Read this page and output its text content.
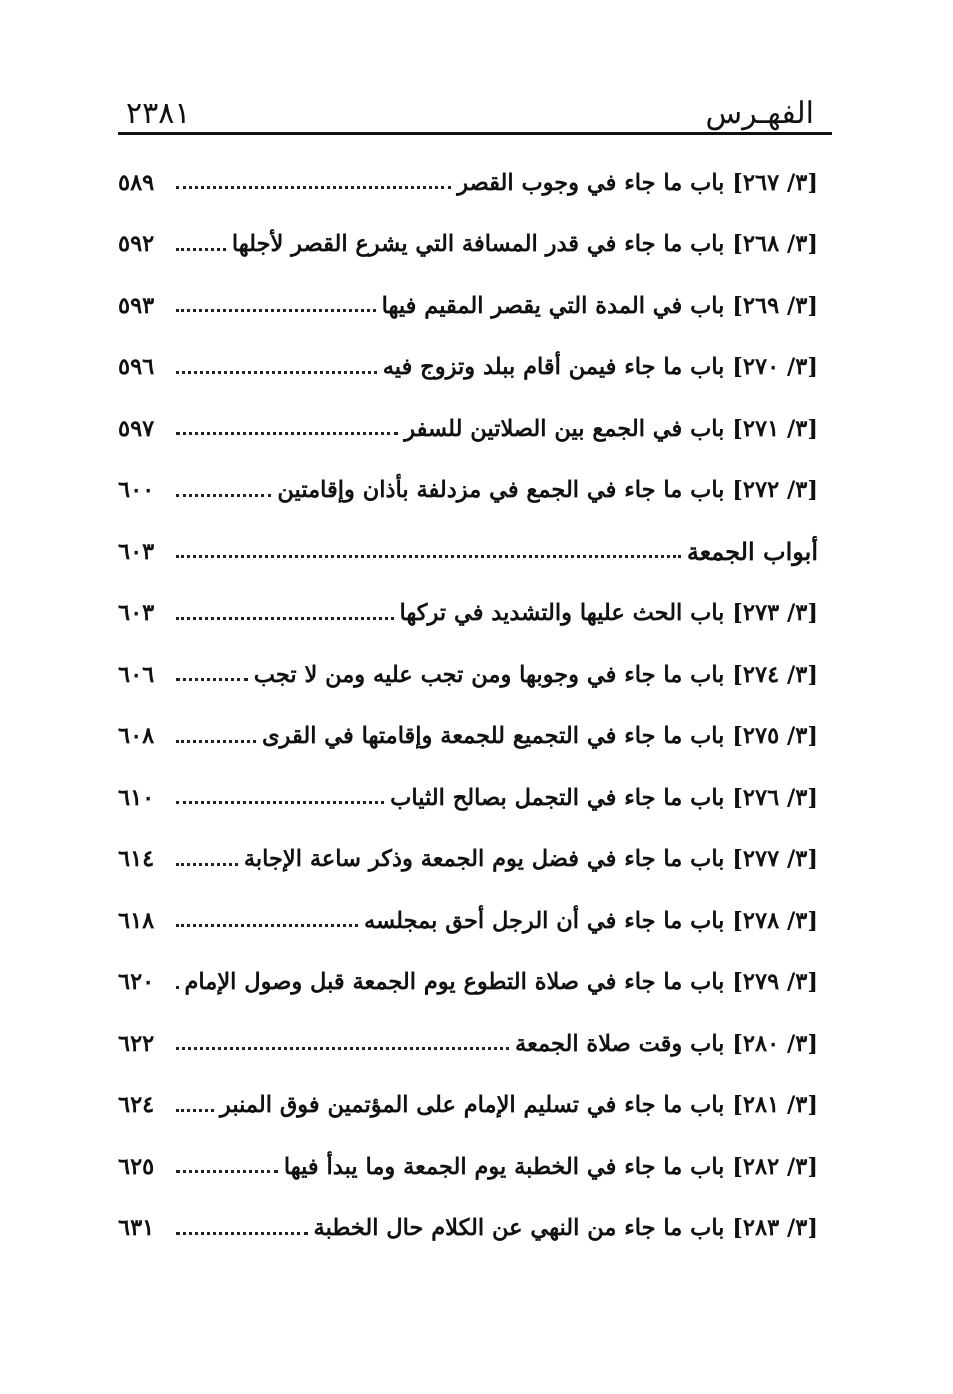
الفهـرس
٢٣٨١
[٣/ ٢٦٧] باب ما جاء في وجوب القصر
٥٨٩
[٣/ ٢٦٨] باب ما جاء في قدر المسافة التي يشرع القصر لأجلها
٥٩٢
[٣/ ٢٦٩] باب في المدة التي يقصر المقيم فيها
٥٩٣
[٣/ ٢٧٠] باب ما جاء فيمن أقام ببلد وتزوج فيه
٥٩٦
[٣/ ٢٧١] باب في الجمع بين الصلاتين للسفر
٥٩٧
[٣/ ٢٧٢] باب ما جاء في الجمع في مزدلفة بأذان وإقامتين
٦٠٠
أبواب الجمعة
٦٠٣
[٣/ ٢٧٣] باب الحث عليها والتشديد في تركها
٦٠٣
[٣/ ٢٧٤] باب ما جاء في وجوبها ومن تجب عليه ومن لا تجب
٦٠٦
[٣/ ٢٧٥] باب ما جاء في التجميع للجمعة وإقامتها في القرى
٦٠٨
[٣/ ٢٧٦] باب ما جاء في التجمل بصالح الثياب
٦١٠
[٣/ ٢٧٧] باب ما جاء في فضل يوم الجمعة وذكر ساعة الإجابة
٦١٤
[٣/ ٢٧٨] باب ما جاء في أن الرجل أحق بمجلسه
٦١٨
[٣/ ٢٧٩] باب ما جاء في صلاة التطوع يوم الجمعة قبل وصول الإمام
٦٢٠
[٣/ ٢٨٠] باب وقت صلاة الجمعة
٦٢٢
[٣/ ٢٨١] باب ما جاء في تسليم الإمام على المؤتمين فوق المنبر
٦٢٤
[٣/ ٢٨٢] باب ما جاء في الخطبة يوم الجمعة وما يبدأ فيها
٦٢٥
[٣/ ٢٨٣] باب ما جاء من النهي عن الكلام حال الخطبة
٦٣١
